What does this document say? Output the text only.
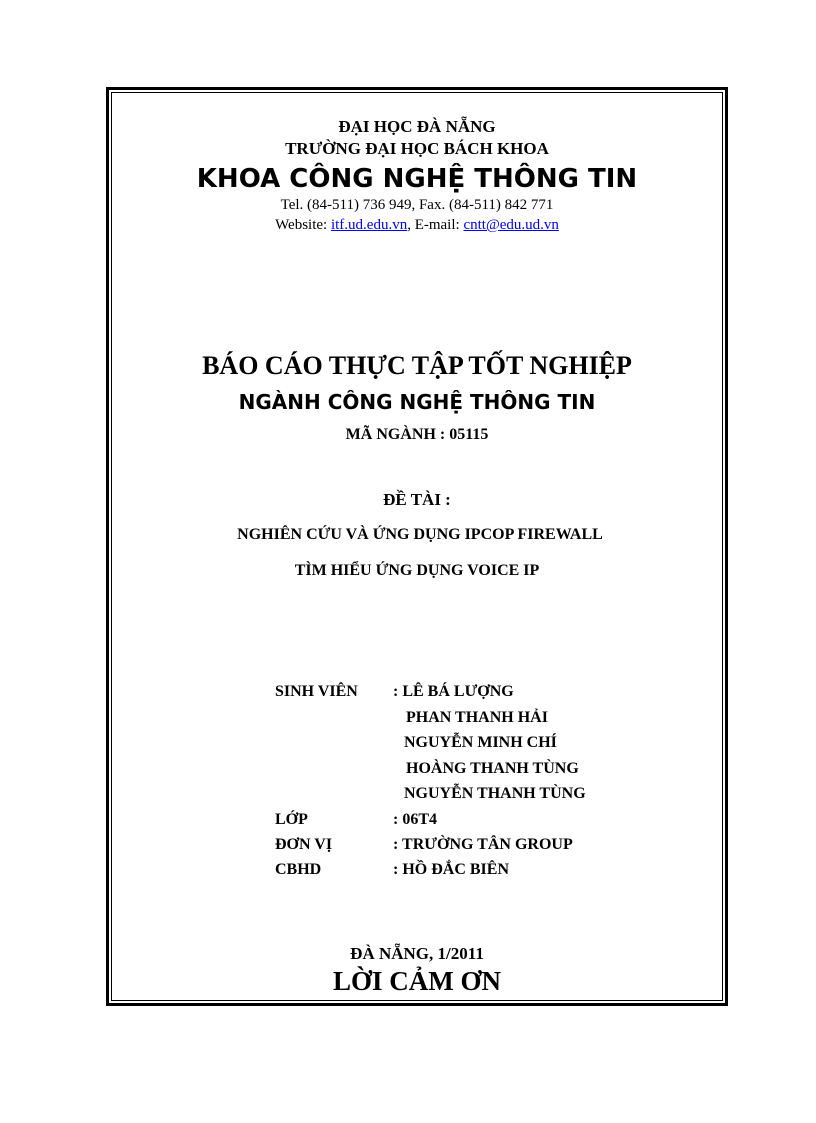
ĐẠI HỌC ĐÀ NẴNG
TRƯỜNG ĐẠI HỌC BÁCH KHOA
KHOA CÔNG NGHỆ THÔNG TIN
Tel. (84-511) 736 949, Fax. (84-511) 842 771
Website: itf.ud.edu.vn, E-mail: cntt@edu.ud.vn
BÁO CÁO THỰC TẬP TỐT NGHIỆP
NGÀNH CÔNG NGHỆ THÔNG TIN
MÃ NGÀNH : 05115
ĐỀ TÀI :
NGHIÊN CỨU VÀ ỨNG DỤNG IPCOP FIREWALL
TÌM HIỂU ỨNG DỤNG VOICE IP
SINH VIÊN : LÊ BÁ LƯỢNG
PHAN THANH HẢI
NGUYỄN MINH CHÍ
HOÀNG THANH TÙNG
NGUYỄN THANH TÙNG
LỚP	: 06T4
ĐƠN VỊ	: TRƯỜNG TÂN GROUP
CBHD	: HỒ ĐẮC BIÊN
ĐÀ NẴNG, 1/2011
LỜI CẢM ƠN
